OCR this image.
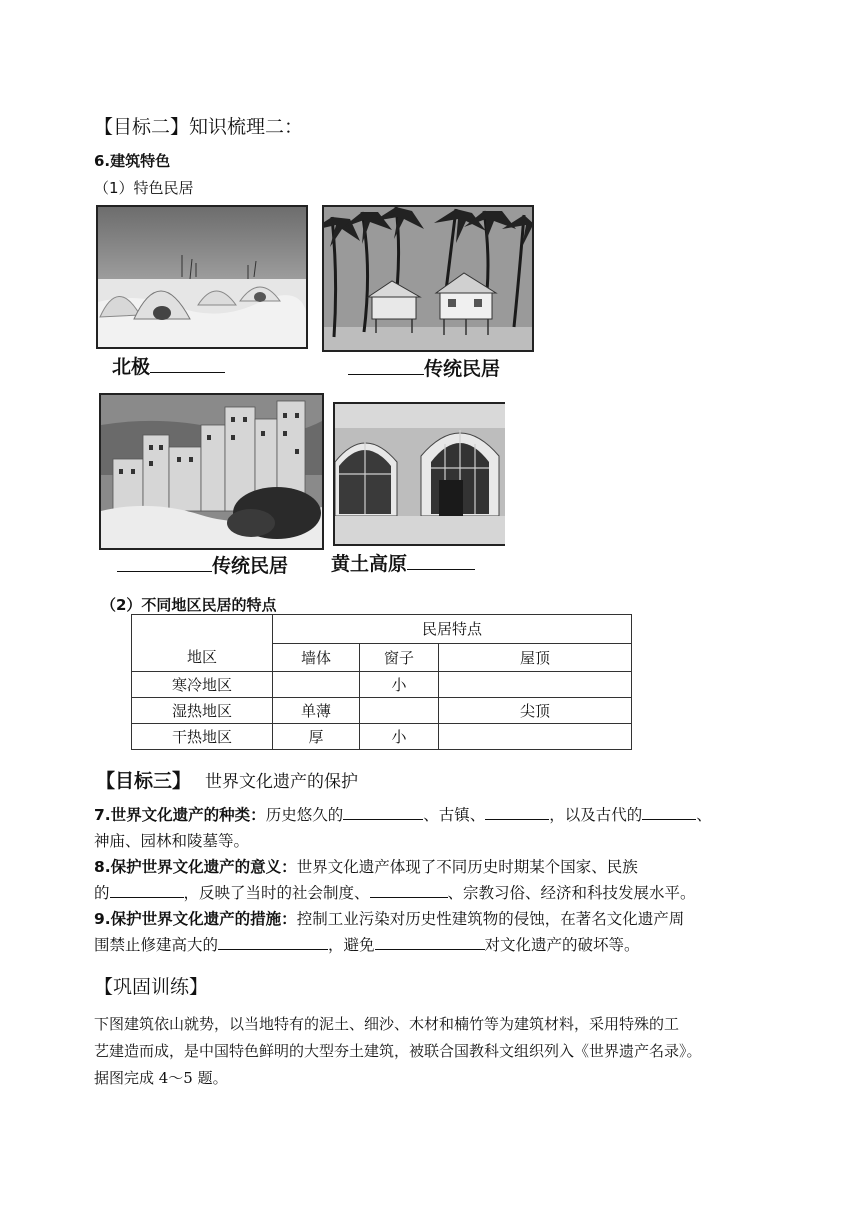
【目标二】知识梳理二：
6.建筑特色
（1）特色民居
北极	传统民居
传统民居 黄土高原
（2）不同地区民居的特点
地区	民居特点		
	墙体	窗子	屋顶
寒冷地区		小	
湿热地区	单薄		尖顶
干热地区	厚	小	
【目标三】 世界文化遗产的保护
7.世界文化遗产的种类：历史悠久的	、古镇、	，以及古代的	、
神庙、园林和陵墓等。
8.保护世界文化遗产的意义：世界文化遗产体现了不同历史时期某个国家、民族
的	，反映了当时的社会制度、	、宗教习俗、经济和科技发展水平。
9.保护世界文化遗产的措施：控制工业污染对历史性建筑物的侵蚀，在著名文化遗产周
围禁止修建高大的	，避免	对文化遗产的破坏等。
【巩固训练】
下图建筑依山就势，以当地特有的泥土、细沙、木材和楠竹等为建筑材料，采用特殊的工
艺建造而成，是中国特色鲜明的大型夯土建筑，被联合国教科文组织列入《世界遗产名录》。
据图完成 4～5 题。
